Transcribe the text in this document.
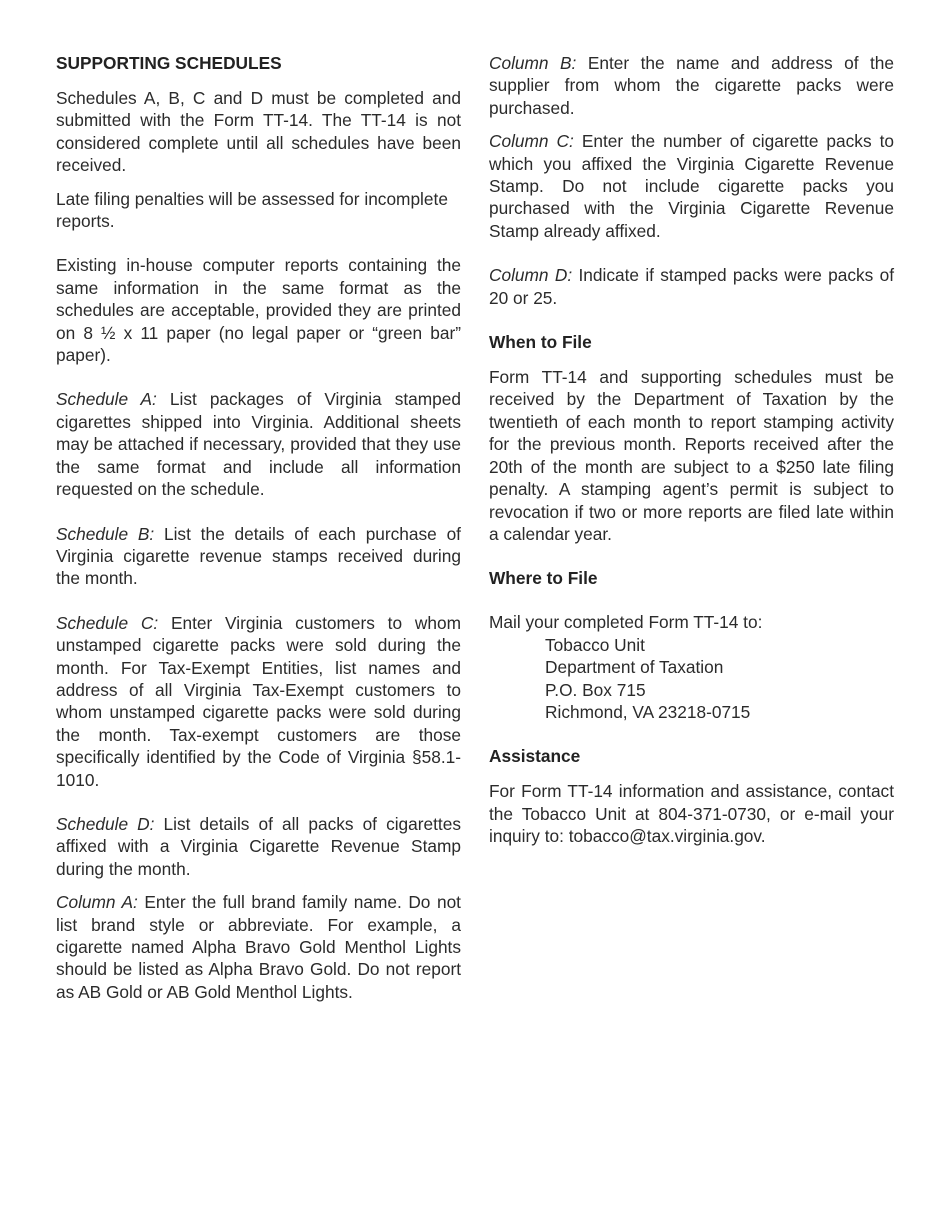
SUPPORTING SCHEDULES

Schedules A, B, C and D must be completed and submitted with the Form TT-14. The TT-14 is not considered complete until all schedules have been received.

Late filing penalties will be assessed for incomplete reports.

Existing in-house computer reports containing the same information in the same format as the schedules are acceptable, provided they are printed on 8 ½ x 11 paper (no legal paper or “green bar” paper).

Schedule A: List packages of Virginia stamped cigarettes shipped into Virginia. Additional sheets may be attached if necessary, provided that they use the same format and include all information requested on the schedule.

Schedule B: List the details of each purchase of Virginia cigarette revenue stamps received during the month.

Schedule C: Enter Virginia customers to whom unstamped cigarette packs were sold during the month. For Tax-Exempt Entities, list names and address of all Virginia Tax-Exempt customers to whom unstamped cigarette packs were sold during the month. Tax-exempt customers are those specifically identified by the Code of Virginia §58.1-1010.

Schedule D: List details of all packs of cigarettes affixed with a Virginia Cigarette Revenue Stamp during the month.

Column A: Enter the full brand family name. Do not list brand style or abbreviate. For example, a cigarette named Alpha Bravo Gold Menthol Lights should be listed as Alpha Bravo Gold. Do not report as AB Gold or AB Gold Menthol Lights.

Column B: Enter the name and address of the supplier from whom the cigarette packs were purchased.

Column C: Enter the number of cigarette packs to which you affixed the Virginia Cigarette Revenue Stamp. Do not include cigarette packs you purchased with the Virginia Cigarette Revenue Stamp already affixed.

Column D: Indicate if stamped packs were packs of 20 or 25.

When to File

Form TT-14 and supporting schedules must be received by the Department of Taxation by the twentieth of each month to report stamping activity for the previous month. Reports received after the 20th of the month are subject to a $250 late filing penalty. A stamping agent’s permit is subject to revocation if two or more reports are filed late within a calendar year.

Where to File

Mail your completed Form TT-14 to:

Tobacco Unit
Department of Taxation
P.O. Box 715
Richmond, VA 23218-0715
Assistance

For Form TT-14 information and assistance, contact the Tobacco Unit at 804-371-0730, or e-mail your inquiry to: tobacco@tax.virginia.gov.
